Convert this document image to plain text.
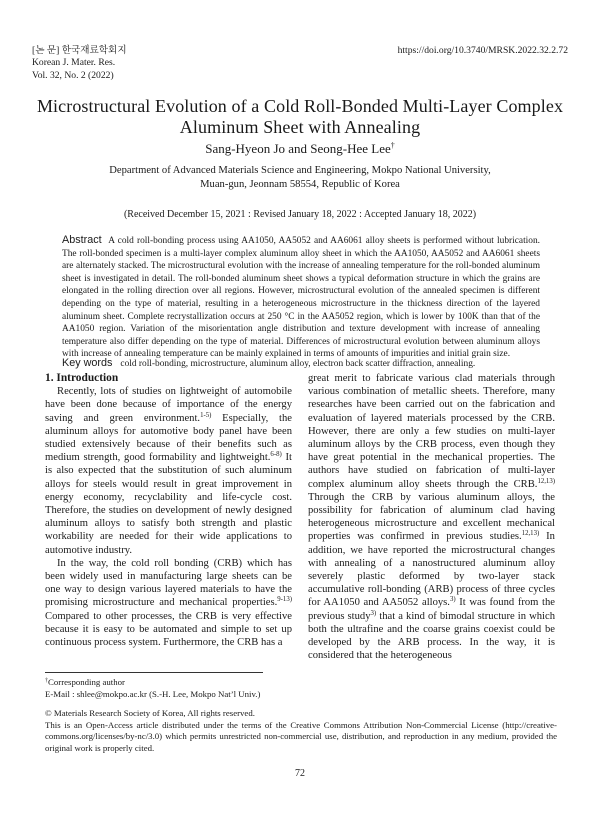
[논 문] 한국재료학회지
Korean J. Mater. Res.
Vol. 32, No. 2 (2022)
https://doi.org/10.3740/MRSK.2022.32.2.72
Microstructural Evolution of a Cold Roll-Bonded Multi-Layer Complex
Aluminum Sheet with Annealing
Sang-Hyeon Jo and Seong-Hee Lee†
Department of Advanced Materials Science and Engineering, Mokpo National University,
Muan-gun, Jeonnam 58554, Republic of Korea
(Received December 15, 2021 : Revised January 18, 2022 : Accepted January 18, 2022)
Abstract A cold roll-bonding process using AA1050, AA5052 and AA6061 alloy sheets is performed without lubrication. The roll-bonded specimen is a multi-layer complex aluminum alloy sheet in which the AA1050, AA5052 and AA6061 sheets are alternately stacked. The microstructural evolution with the increase of annealing temperature for the roll-bonded aluminum sheet is investigated in detail. The roll-bonded aluminum sheet shows a typical deformation structure in which the grains are elongated in the rolling direction over all regions. However, microstructural evolution of the annealed specimen is different depending on the type of material, resulting in a heterogeneous microstructure in the thickness direction of the layered aluminum sheet. Complete recrystallization occurs at 250 °C in the AA5052 region, which is lower by 100K than that of the AA1050 region. Variation of the misorientation angle distribution and texture development with increase of annealing temperature also differ depending on the type of material. Differences of microstructural evolution between aluminum alloys with increase of annealing temperature can be mainly explained in terms of amounts of impurities and initial grain size.
Key words cold roll-bonding, microstructure, aluminum alloy, electron back scatter diffraction, annealing.

1. Introduction

Recently, lots of studies on lightweight of automobile have been done because of importance of the energy saving and green environment.$^{1-5)}$ Especially, the aluminum alloys for automotive body panel have been studied extensively because of their benefits such as medium strength, good formability and lightweight.$^{6-8)}$ It is also expected that the substitution of such aluminum alloys for steels would result in great improvement in energy economy, recyclability and life-cycle cost. Therefore, the studies on development of newly designed aluminum alloys to satisfy both strength and plastic workability are needed for their wide applications to automotive industry.

In the way, the cold roll bonding (CRB) which has been widely used in manufacturing large sheets can be one way to design various layered materials to have the promising microstructure and mechanical properties.$^{9-13)}$ Compared to other processes, the CRB is very effective because it is easy to be automated and simple to set up continuous process system. Furthermore, the CRB has a

great merit to fabricate various clad materials through various combination of metallic sheets. Therefore, many researches have been carried out on the fabrication and evaluation of layered materials processed by the CRB. However, there are only a few studies on multi-layer aluminum alloys by the CRB process, even though they have great potential in the mechanical properties. The authors have studied on fabrication of multi-layer complex aluminum alloy sheets through the CRB.$^{12,13)}$ Through the CRB by various aluminum alloys, the possibility for fabrication of aluminum clad having heterogeneous microstructure and excellent mechanical properties was confirmed in previous studies.$^{12,13)}$ In addition, we have reported the microstructural changes with annealing of a nanostructured aluminum alloy severely plastic deformed by two-layer stack accumulative roll-bonding (ARB) process of three cycles for AA1050 and AA5052 alloys.$^{3)}$ It was found from the previous study$^{3)}$ that a kind of bimodal structure in which both the ultrafine and the coarse grains coexist could be developed by the ARB process. In the way, it is considered that the heterogeneous

†Corresponding author
E-Mail : shlee@mokpo.ac.kr (S.-H. Lee, Mokpo Nat’l Univ.)
© Materials Research Society of Korea, All rights reserved.
This is an Open-Access article distributed under the terms of the Creative Commons Attribution Non-Commercial License (http://creative-commons.org/licenses/by-nc/3.0) which permits unrestricted non-commercial use, distribution, and reproduction in any medium, provided the original work is properly cited.
72
